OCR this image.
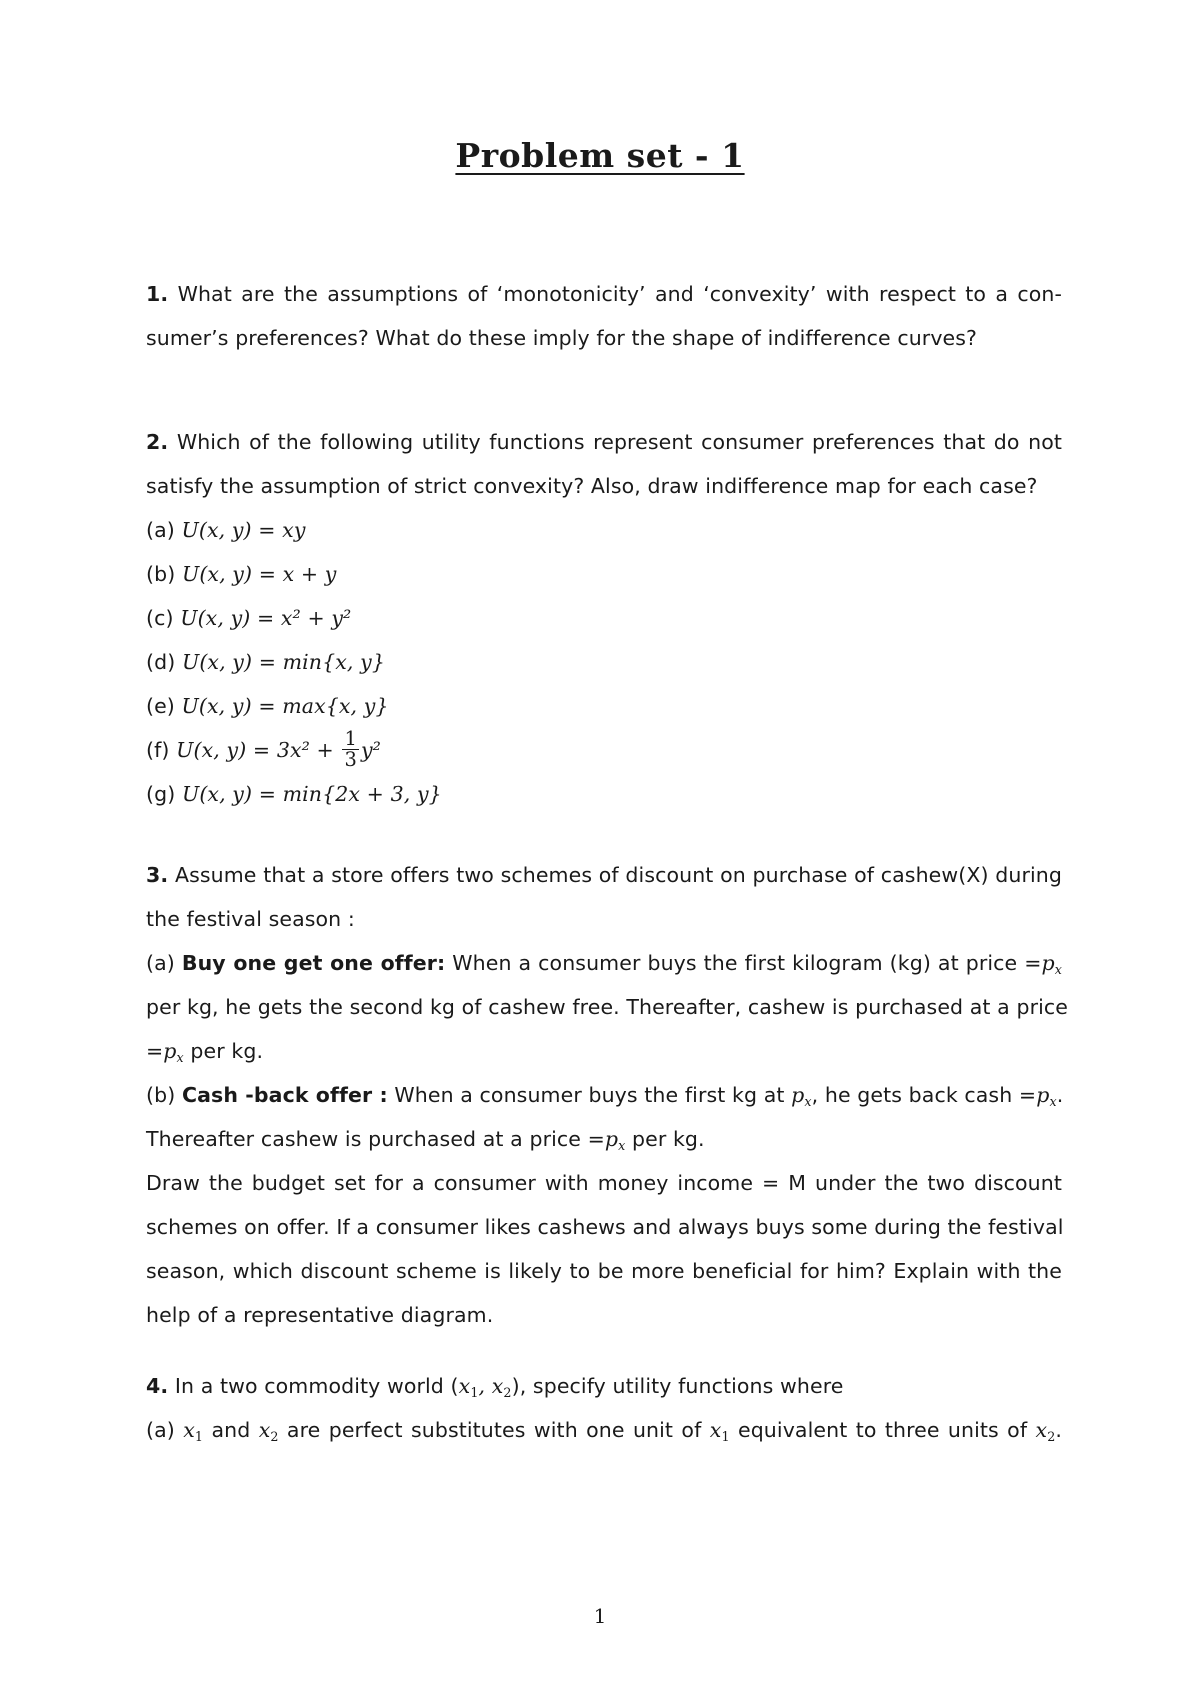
Problem set - 1
1. What are the assumptions of ‘monotonicity’ and ‘convexity’ with respect to a con-
sumer’s preferences? What do these imply for the shape of indifference curves?
2. Which of the following utility functions represent consumer preferences that do not
satisfy the assumption of strict convexity? Also, draw indifference map for each case?
(a) U(x, y) = xy
(b) U(x, y) = x + y
(c) U(x, y) = x² + y²
(d) U(x, y) = min{x, y}
(e) U(x, y) = max{x, y}
(f) U(x, $y) = 3x^2 + \frac{1}{3} y^2$
(g) U(x, y) = min{2x + 3, y}
3. Assume that a store offers two schemes of discount on purchase of cashew(X) during
the festival season :
(a) Buy one get one offer: When a consumer buys the first kilogram (kg) at price $=p_x$
per kg, he gets the second kg of cashew free. Thereafter, cashew is purchased at a price
$=p_x$ per kg.
(b) Cash -back offer : When a consumer buys the first kg at $p_x$, he gets back cash $=p_x$.
Thereafter cashew is purchased at a price $=p_x$ per kg.
Draw the budget set for a consumer with money income = M under the two discount
schemes on offer. If a consumer likes cashews and always buys some during the festival
season, which discount scheme is likely to be more beneficial for him? Explain with the
help of a representative diagram.
4. In a two commodity world ($x_1$, $x_2$), specify utility functions where
(a) $x_1$ and $x_2$ are perfect substitutes with one unit of $x_1$ equivalent to three units of $x_2$.
1
